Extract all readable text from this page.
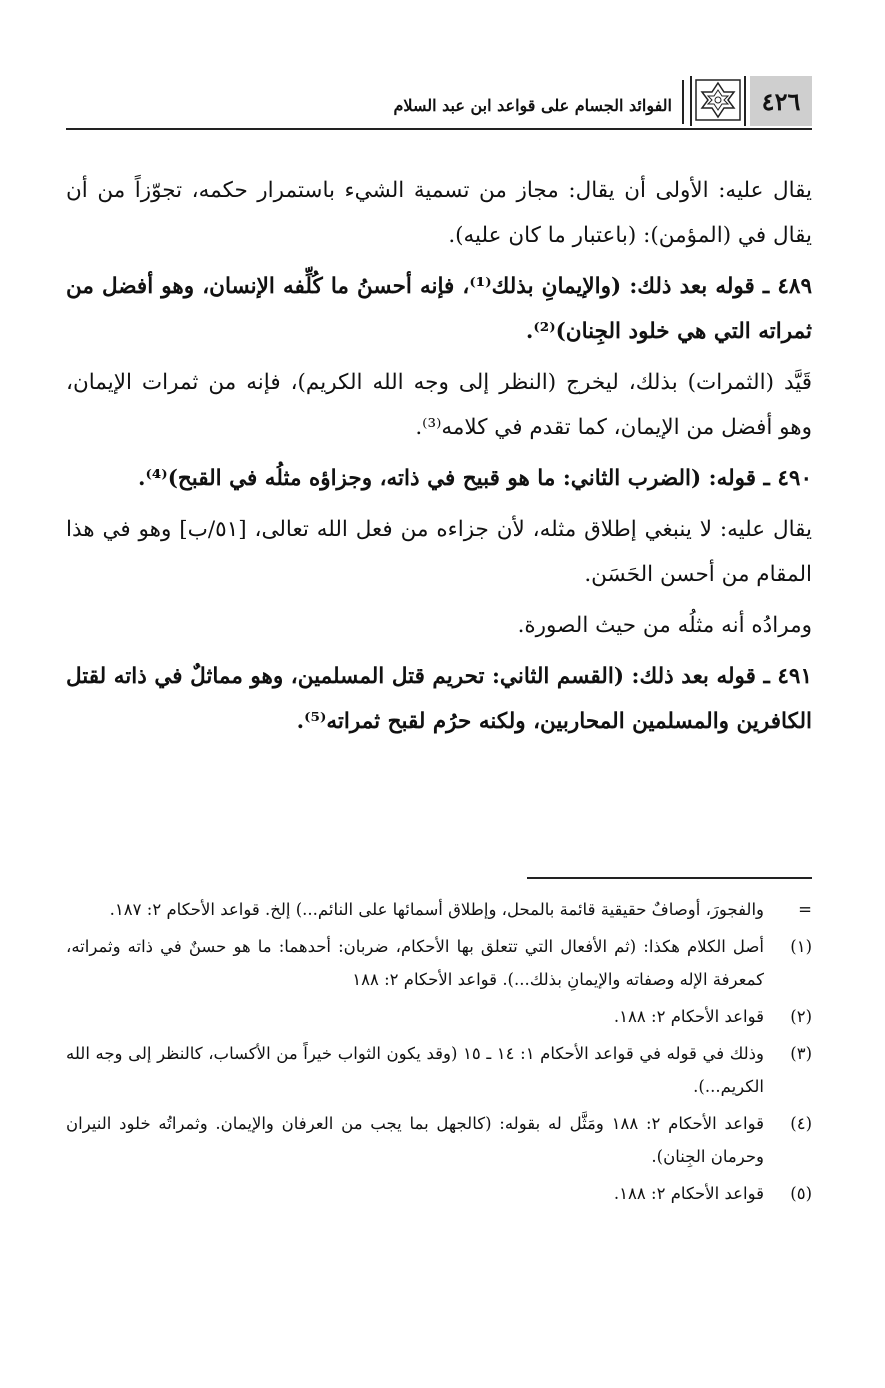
٤٢٦
الفوائد الجسام على قواعد ابن عبد السلام

يقال عليه: الأولى أن يقال: مجاز من تسمية الشيء باستمرار حكمه، تجوّزاً من أن يقال في (المؤمن): (باعتبار ما كان عليه).

٤٨٩ ـ قوله بعد ذلك: (والإيمانِ بذلك⁽¹⁾، فإنه أحسنُ ما كُلِّفه الإنسان، وهو أفضل من ثمراته التي هي خلود الجِنان)⁽²⁾.

قَيَّد (الثمرات) بذلك، ليخرج (النظر إلى وجه الله الكريم)، فإنه من ثمرات الإيمان، وهو أفضل من الإيمان، كما تقدم في كلامه⁽³⁾.

٤٩٠ ـ قوله: (الضرب الثاني: ما هو قبيح في ذاته، وجزاؤه مثلُه في القبح)⁽⁴⁾.

يقال عليه: لا ينبغي إطلاق مثله، لأن جزاءه من فعل الله تعالى، [٥١/ب] وهو في هذا المقام من أحسن الحَسَن.

ومرادُه أنه مثلُه من حيث الصورة.

٤٩١ ـ قوله بعد ذلك: (القسم الثاني: تحريم قتل المسلمين، وهو مماثلٌ في ذاته لقتل الكافرين والمسلمين المحاربين، ولكنه حرُم لقبح ثمراته⁽⁵⁾.

=
والفجورَ، أوصافٌ حقيقية قائمة بالمحل، وإطلاق أسمائها على النائم...) إلخ. قواعد الأحكام ٢: ١٨٧.
(١)
أصل الكلام هكذا: (ثم الأفعال التي تتعلق بها الأحكام، ضربان: أحدهما: ما هو حسنٌ في ذاته وثمراته، كمعرفة الإله وصفاته والإيمانِ بذلك...). قواعد الأحكام ٢: ١٨٨
(٢)
قواعد الأحكام ٢: ١٨٨.
(٣)
وذلك في قوله في قواعد الأحكام ١: ١٤ ـ ١٥ (وقد يكون الثواب خيراً من الأكساب، كالنظر إلى وجه الله الكريم...).
(٤)
قواعد الأحكام ٢: ١٨٨ ومَثَّل له بقوله: (كالجهل بما يجب من العرفان والإيمان. وثمراتُه خلود النيران وحرمان الجِنان).
(٥)
قواعد الأحكام ٢: ١٨٨.
